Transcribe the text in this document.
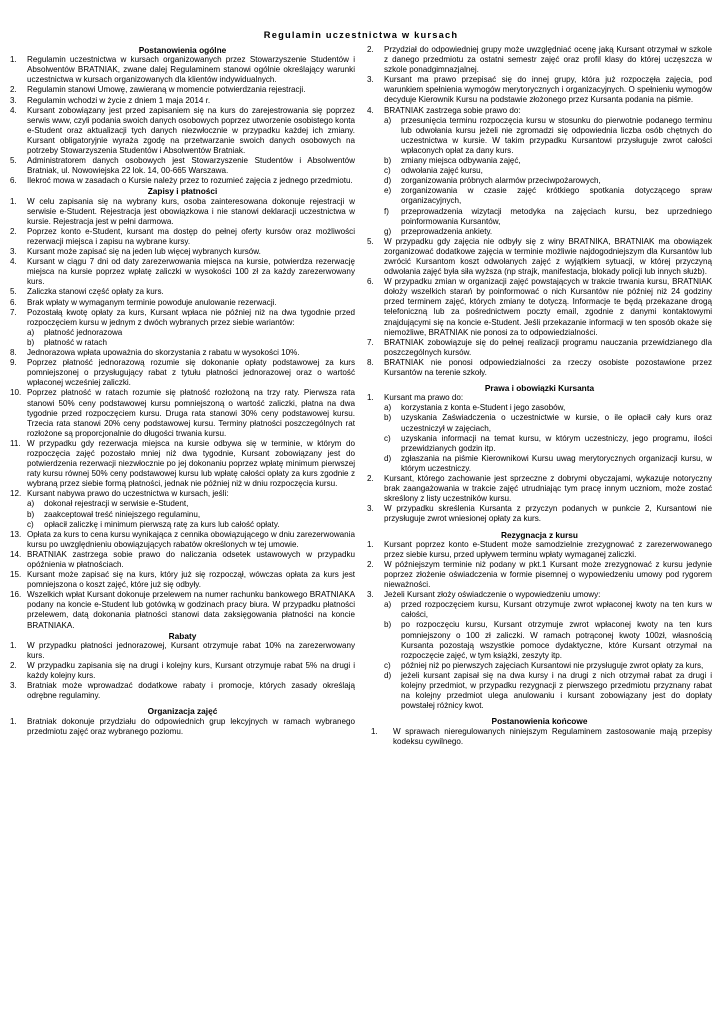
Regulamin uczestnictwa w kursach
Postanowienia ogólne
1.	Regulamin uczestnictwa w kursach organizowanych przez Stowarzyszenie Studentów i Absolwentów BRATNIAK, zwane dalej Regulaminem stanowi ogólnie określający warunki uczestnictwa w kursach organizowanych dla klientów indywidualnych.
2.	Regulamin stanowi Umowę, zawieraną w momencie potwierdzania rejestracji.
3.	Regulamin wchodzi w życie z dniem 1 maja 2014 r.
4.	Kursant zobowiązany jest przed zapisaniem się na kurs do zarejestrowania się poprzez serwis www, czyli podania swoich danych osobowych poprzez utworzenie osobistego konta e-Student oraz aktualizacji tych danych niezwłocznie w przypadku każdej ich zmiany. Kursant obligatoryjnie wyraża zgodę na przetwarzanie swoich danych osobowych na potrzeby Stowarzyszenia Studentów i Absolwentów Bratniak.
5.	Administratorem danych osobowych jest Stowarzyszenie Studentów i Absolwentów Bratniak, ul. Nowowiejska 22 lok. 14, 00-665 Warszawa.
6.	Ilekroć mowa w zasadach o Kursie należy przez to rozumieć zajęcia z jednego przedmiotu.
Zapisy i płatności
1.	W celu zapisania się na wybrany kurs, osoba zainteresowana dokonuje rejestracji w serwisie e-Student. Rejestracja jest obowiązkowa i nie stanowi deklaracji uczestnictwa w kursie. Rejestracja jest w pełni darmowa.
2.	Poprzez konto e-Student, kursant ma dostęp do pełnej oferty kursów oraz możliwości rezerwacji miejsca i zapisu na wybrane kursy.
3.	Kursant może zapisać się na jeden lub więcej wybranych kursów.
4.	Kursant w ciągu 7 dni od daty zarezerwowania miejsca na kursie, potwierdza rezerwację miejsca na kursie poprzez wpłatę zaliczki w wysokości 100 zł za każdy zarezerwowany kurs.
5.	Zaliczka stanowi część opłaty za kurs.
6.	Brak wpłaty w wymaganym terminie powoduje anulowanie rezerwacji.
7.	Pozostałą kwotę opłaty za kurs, Kursant wpłaca nie później niż na dwa tygodnie przed rozpoczęciem kursu w jednym z dwóch wybranych przez siebie wariantów:
a)	płatność jednorazowa
b)	płatność w ratach
8.	Jednorazowa wpłata upoważnia do skorzystania z rabatu w wysokości 10%.
9.	Poprzez płatność jednorazową rozumie się dokonanie opłaty podstawowej za kurs pomniejszonej o przysługujący rabat z tytułu płatności jednorazowej oraz o wartość wpłaconej wcześniej zaliczki.
10. Poprzez płatność w ratach rozumie się płatność rozłożoną na trzy raty. Pierwsza rata stanowi 50% ceny podstawowej kursu pomniejszoną o wartość zaliczki, płatna na dwa tygodnie przed rozpoczęciem kursu. Druga rata stanowi 30% ceny podstawowej kursu. Trzecia rata stanowi 20% ceny podstawowej kursu. Terminy płatności poszczególnych rat rozłożone są proporcjonalnie do długości trwania kursu.
11. W przypadku gdy rezerwacja miejsca na kursie odbywa się w terminie, w którym do rozpoczęcia zajęć pozostało mniej niż dwa tygodnie, Kursant zobowiązany jest do potwierdzenia rezerwacji niezwłocznie po jej dokonaniu poprzez wpłatę minimum pierwszej raty kursu równej 50% ceny podstawowej kursu lub wpłatę całości opłaty za kurs zgodnie z wybraną przez siebie formą płatności, jednak nie później niż w dniu rozpoczęcia kursu.
12. Kursant nabywa prawo do uczestnictwa w kursach, jeśli:
a)	dokonał rejestracji w serwisie e-Student,
b)	zaakceptował treść niniejszego regulaminu,
c)	opłacił zaliczkę i minimum pierwszą ratę za kurs lub całość opłaty.
13. Opłata za kurs to cena kursu wynikająca z cennika obowiązującego w dniu zarezerwowania kursu po uwzględnieniu obowiązujących rabatów określonych w tej umowie.
14. BRATNIAK zastrzega sobie prawo do naliczania odsetek ustawowych w przypadku opóźnienia w płatnościach.
15. Kursant może zapisać się na kurs, który już się rozpoczął, wówczas opłata za kurs jest pomniejszona o koszt zajęć, które już się odbyły.
16. Wszelkich wpłat Kursant dokonuje przelewem na numer rachunku bankowego BRATNIAKA podany na koncie e-Student lub gotówką w godzinach pracy biura. W przypadku płatności przelewem, datą dokonania płatności stanowi data zaksięgowania płatności na koncie BRATNIAKA.
Rabaty
1.	W przypadku płatności jednorazowej, Kursant otrzymuje rabat 10% na zarezerwowany kurs.
2.	W przypadku zapisania się na drugi i kolejny kurs, Kursant otrzymuje rabat 5% na drugi i każdy kolejny kurs.
3.	Bratniak może wprowadzać dodatkowe rabaty i promocje, których zasady określają odrębne regulaminy.
Organizacja zajęć
1.	Bratniak dokonuje przydziału do odpowiednich grup lekcyjnych w ramach wybranego przedmiotu zajęć oraz wybranego poziomu.
2.	Przydział do odpowiedniej grupy może uwzględniać ocenę jaką Kursant otrzymał w szkole z danego przedmiotu za ostatni semestr zajęć oraz profil klasy do której uczęszcza w szkole ponadgimnazjalnej.
3.	Kursant ma prawo przepisać się do innej grupy, która już rozpoczęła zajęcia, pod warunkiem spełnienia wymogów merytorycznych i organizacyjnych. O spełnieniu wymogów decyduje Kierownik Kursu na podstawie złożonego przez Kursanta podania na piśmie.
4.	BRATNIAK zastrzega sobie prawo do:
a)	przesunięcia terminu rozpoczęcia kursu w stosunku do pierwotnie podanego terminu lub odwołania kursu jeżeli nie zgromadzi się odpowiednia liczba osób chętnych do uczestnictwa w kursie. W takim przypadku Kursantowi przysługuje zwrot całości wpłaconych opłat za dany kurs.
b)	zmiany miejsca odbywania zajęć,
c)	odwołania zajęć kursu,
d)	zorganizowania próbnych alarmów przeciwpożarowych,
e)	zorganizowania w czasie zajęć krótkiego spotkania dotyczącego spraw organizacyjnych,
f)	przeprowadzenia wizytacji metodyka na zajęciach kursu, bez uprzedniego poinformowania Kursantów,
g)	przeprowadzenia ankiety.
5.	W przypadku gdy zajęcia nie odbyły się z winy BRATNIKA, BRATNIAK ma obowiązek zorganizować dodatkowe zajęcia w terminie możliwie najdogodniejszym dla Kursantów lub zwrócić Kursantom koszt odwołanych zajęć z wyjątkiem sytuacji, w której przyczyną odwołania zajęć była siła wyższa (np strajk, manifestacja, blokady policji lub innych służb).
6.	W przypadku zmian w organizacji zajęć powstających w trakcie trwania kursu, BRATNIAK dołoży wszelkich starań by poinformować o nich Kursantów nie później niż 24 godziny przed terminem zajęć, których zmiany te dotyczą. Informacje te będą przekazane drogą telefoniczną lub za pośrednictwem poczty email, zgodnie z danymi kontaktowymi znajdującymi się na koncie e-Student. Jeśli przekazanie informacji w ten sposób okaże się niemożliwe, BRATNIAK nie ponosi za to odpowiedzialności.
7.	BRATNIAK zobowiązuje się do pełnej realizacji programu nauczania przewidzianego dla poszczególnych kursów.
8.	BRATNIAK nie ponosi odpowiedzialności za rzeczy osobiste pozostawione przez Kursantów na terenie szkoły.
Prawa i obowiązki Kursanta
1.	Kursant ma prawo do:
a)	korzystania z konta e-Student i jego zasobów,
b)	uzyskania Zaświadczenia o uczestnictwie w kursie, o ile opłacił cały kurs oraz uczestniczył w zajęciach,
c)	uzyskania informacji na temat kursu, w którym uczestniczy, jego programu, ilości przewidzianych godzin itp.
d)	zgłaszania na piśmie Kierownikowi Kursu uwag merytorycznych organizacji kursu, w którym uczestniczy.
2.	Kursant, którego zachowanie jest sprzeczne z dobrymi obyczajami, wykazuje notoryczny brak zaangażowania w trakcie zajęć utrudniając tym pracę innym uczniom, może zostać skreślony z listy uczestników kursu.
3.	W przypadku skreślenia Kursanta z przyczyn podanych w punkcie 2, Kursantowi nie przysługuje zwrot wniesionej opłaty za kurs.
Rezygnacja z kursu
1.	Kursant poprzez konto e-Student może samodzielnie zrezygnować z zarezerwowanego przez siebie kursu, przed upływem terminu wpłaty wymaganej zaliczki.
2.	W późniejszym terminie niż podany w pkt.1 Kursant może zrezygnować z kursu jedynie poprzez złożenie oświadczenia w formie pisemnej o wypowiedzeniu umowy pod rygorem nieważności.
3.	Jeżeli Kursant złoży oświadczenie o wypowiedzeniu umowy:
a)	przed rozpoczęciem kursu, Kursant otrzymuje zwrot wpłaconej kwoty na ten kurs w całości,
b)	po rozpoczęciu kursu, Kursant otrzymuje zwrot wpłaconej kwoty na ten kurs pomniejszony o 100 zł zaliczki. W ramach potrąconej kwoty 100zł, własnością Kursanta pozostają wszystkie pomoce dydaktyczne, które Kursant otrzymał na rozpoczęcie zajęć, w tym książki, zeszyty itp.
c)	później niż po pierwszych zajęciach Kursantowi nie przysługuje zwrot opłaty za kurs,
d)	jeżeli kursant zapisał się na dwa kursy i na drugi z nich otrzymał rabat za drugi i kolejny przedmiot, w przypadku rezygnacji z pierwszego przedmiotu przyznany rabat na kolejny przedmiot ulega anulowaniu i kursant zobowiązany jest do dopłaty powstałej różnicy kwot.
Postanowienia końcowe
1.	W sprawach nieregulowanych niniejszym Regulaminem zastosowanie mają przepisy kodeksu cywilnego.
